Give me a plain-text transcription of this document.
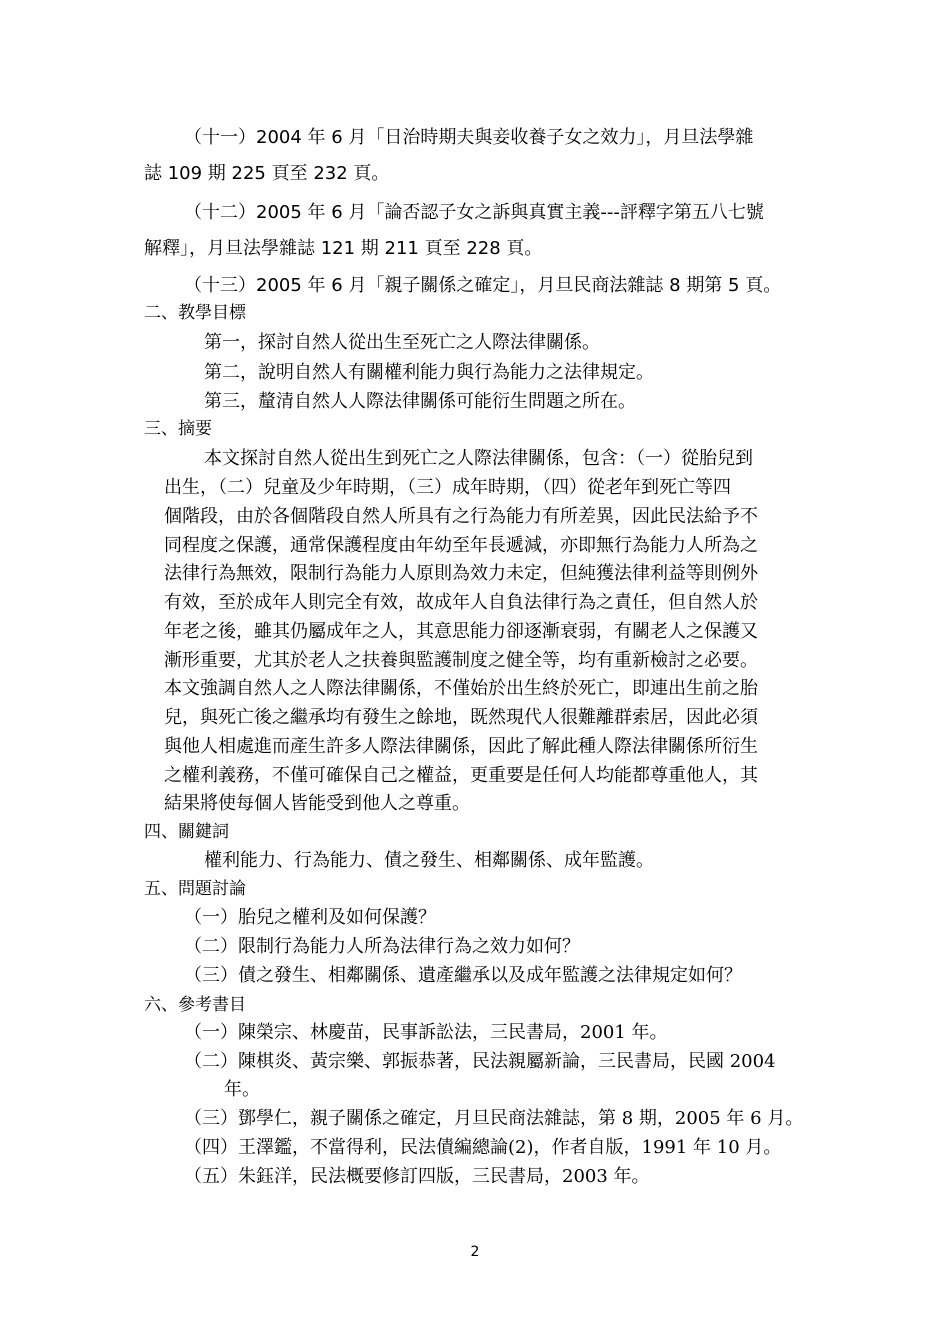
（十一）2004 年 6 月「日治時期夫與妾收養子女之效力」，月旦法學雜
誌 109 期 225 頁至 232 頁。
（十二）2005 年 6 月「論否認子女之訴與真實主義---評釋字第五八七號
解釋」，月旦法學雜誌 121 期 211 頁至 228 頁。
（十三）2005 年 6 月「親子關係之確定」，月旦民商法雜誌 8 期第 5 頁。
二、教學目標
第一，探討自然人從出生至死亡之人際法律關係。
第二，說明自然人有關權利能力與行為能力之法律規定。
第三，釐清自然人人際法律關係可能衍生問題之所在。
三、摘要
本文探討自然人從出生到死亡之人際法律關係，包含：（一）從胎兒到
出生，（二）兒童及少年時期，（三）成年時期，（四）從老年到死亡等四
個階段，由於各個階段自然人所具有之行為能力有所差異，因此民法給予不
同程度之保護，通常保護程度由年幼至年長遞減，亦即無行為能力人所為之
法律行為無效，限制行為能力人原則為效力未定，但純獲法律利益等則例外
有效，至於成年人則完全有效，故成年人自負法律行為之責任，但自然人於
年老之後，雖其仍屬成年之人，其意思能力卻逐漸衰弱，有關老人之保護又
漸形重要，尤其於老人之扶養與監護制度之健全等，均有重新檢討之必要。
本文強調自然人之人際法律關係，不僅始於出生終於死亡，即連出生前之胎
兒，與死亡後之繼承均有發生之餘地，既然現代人很難離群索居，因此必須
與他人相處進而產生許多人際法律關係，因此了解此種人際法律關係所衍生
之權利義務，不僅可確保自己之權益，更重要是任何人均能都尊重他人，其
結果將使每個人皆能受到他人之尊重。
四、關鍵詞
權利能力、行為能力、債之發生、相鄰關係、成年監護。
五、問題討論
（一）胎兒之權利及如何保護？
（二）限制行為能力人所為法律行為之效力如何？
（三）債之發生、相鄰關係、遺產繼承以及成年監護之法律規定如何？
六、參考書目
（一）陳榮宗、林慶苗，民事訴訟法，三民書局，2001 年。
（二）陳棋炎、黃宗樂、郭振恭著，民法親屬新論，三民書局，民國 2004
年。
（三）鄧學仁，親子關係之確定，月旦民商法雜誌，第 8 期，2005 年 6 月。
（四）王澤鑑，不當得利，民法債編總論(2)，作者自版，1991 年 10 月。
（五）朱鈺洋，民法概要修訂四版，三民書局，2003 年。
2
